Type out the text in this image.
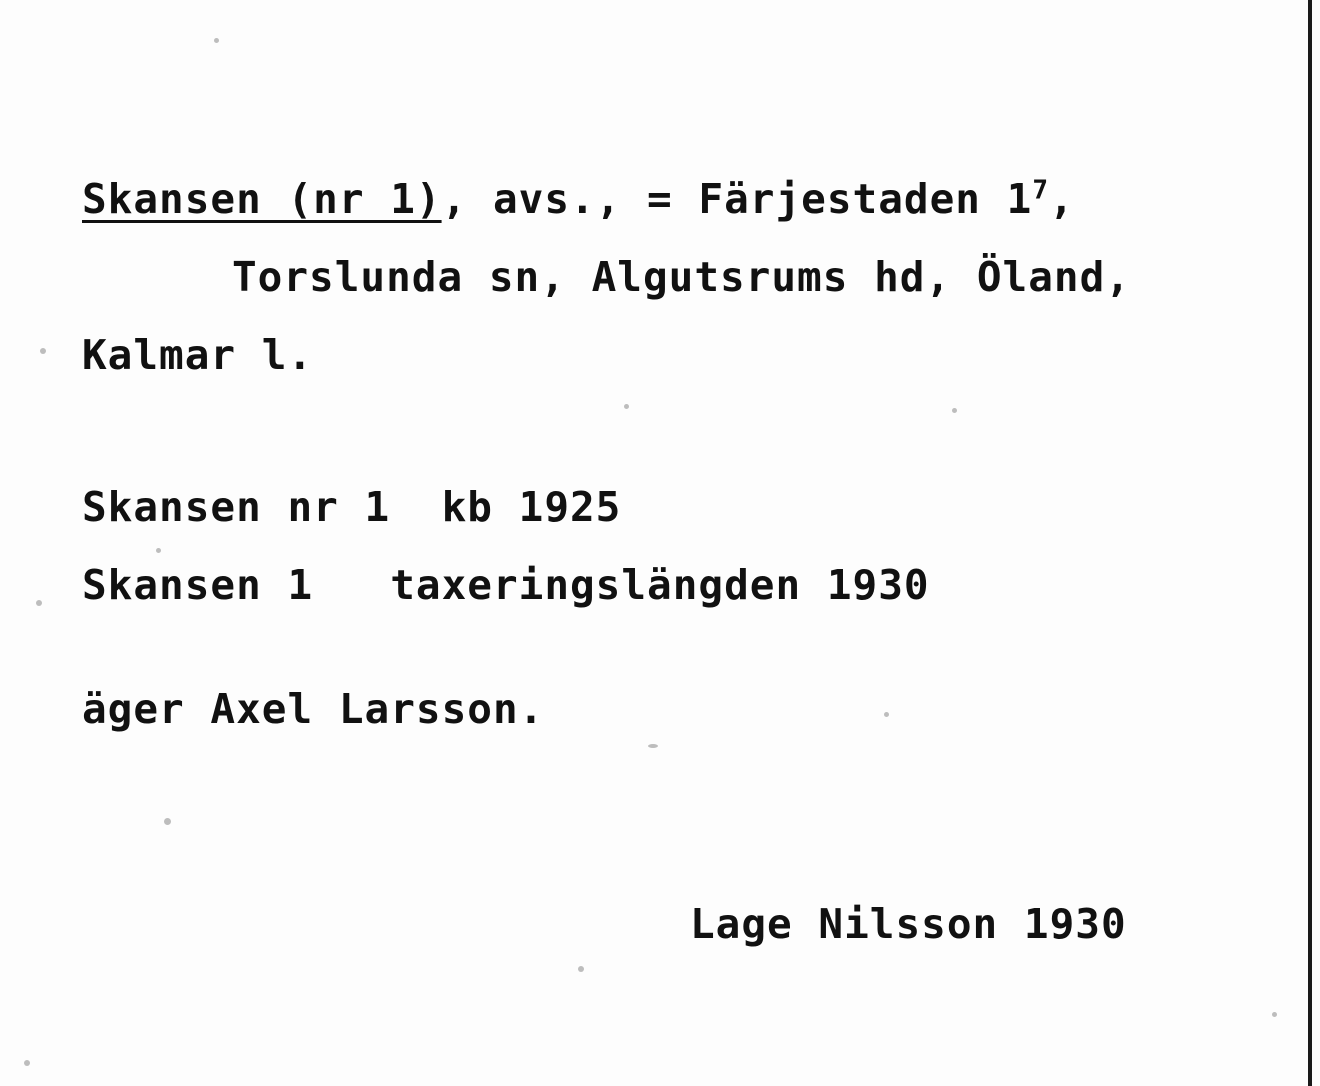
Skansen (nr 1), avs., = Färjestaden $1^7$,
Torslunda sn, Algutsrums hd, Öland,
Kalmar l.
Skansen nr 1  kb 1925
Skansen 1   taxeringslängden 1930
äger Axel Larsson.
Lage Nilsson 1930
